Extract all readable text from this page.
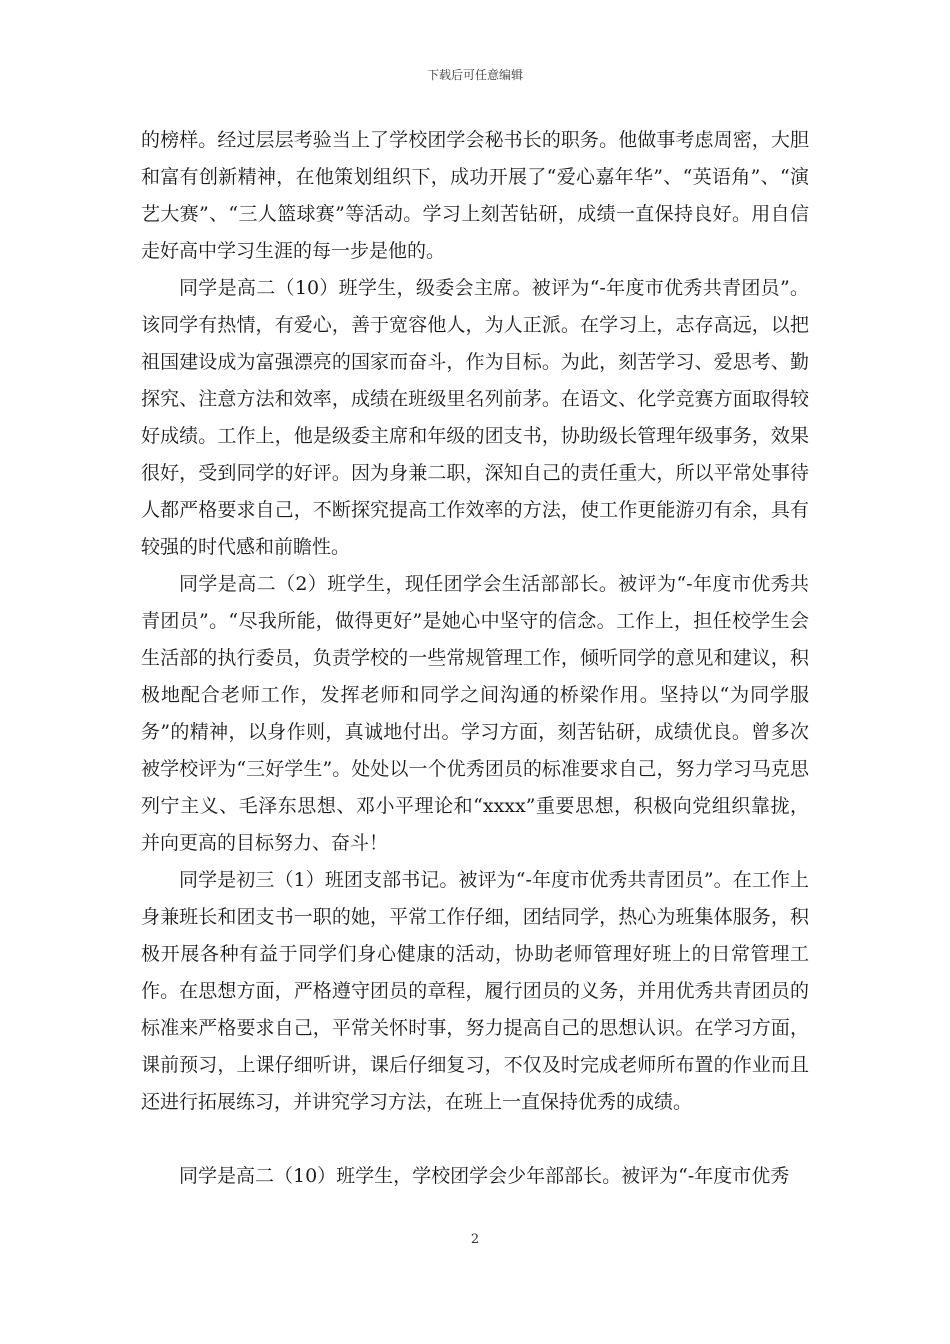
下载后可任意编辑

的榜样。经过层层考验当上了学校团学会秘书长的职务。他做事考虑周密，大胆和富有创新精神，在他策划组织下，成功开展了“爱心嘉年华”、“英语角”、“演艺大赛”、“三人篮球赛”等活动。学习上刻苦钻研，成绩一直保持良好。用自信走好高中学习生涯的每一步是他的。

同学是高二（10）班学生，级委会主席。被评为“-年度市优秀共青团员”。该同学有热情，有爱心，善于宽容他人，为人正派。在学习上，志存高远，以把祖国建设成为富强漂亮的国家而奋斗，作为目标。为此，刻苦学习、爱思考、勤探究、注意方法和效率，成绩在班级里名列前茅。在语文、化学竞赛方面取得较好成绩。工作上，他是级委主席和年级的团支书，协助级长管理年级事务，效果很好，受到同学的好评。因为身兼二职，深知自己的责任重大，所以平常处事待人都严格要求自己，不断探究提高工作效率的方法，使工作更能游刃有余，具有较强的时代感和前瞻性。

同学是高二（2）班学生，现任团学会生活部部长。被评为“-年度市优秀共青团员”。“尽我所能，做得更好”是她心中坚守的信念。工作上，担任校学生会生活部的执行委员，负责学校的一些常规管理工作，倾听同学的意见和建议，积极地配合老师工作，发挥老师和同学之间沟通的桥梁作用。坚持以“为同学服务”的精神，以身作则，真诚地付出。学习方面，刻苦钻研，成绩优良。曾多次被学校评为“三好学生”。处处以一个优秀团员的标准要求自己，努力学习马克思列宁主义、毛泽东思想、邓小平理论和“xxxx”重要思想，积极向党组织靠拢，并向更高的目标努力、奋斗！

同学是初三（1）班团支部书记。被评为“-年度市优秀共青团员”。在工作上身兼班长和团支书一职的她，平常工作仔细，团结同学，热心为班集体服务，积极开展各种有益于同学们身心健康的活动，协助老师管理好班上的日常管理工作。在思想方面，严格遵守团员的章程，履行团员的义务，并用优秀共青团员的标准来严格要求自己，平常关怀时事，努力提高自己的思想认识。在学习方面，课前预习，上课仔细听讲，课后仔细复习，不仅及时完成老师所布置的作业而且还进行拓展练习，并讲究学习方法，在班上一直保持优秀的成绩。

同学是高二（10）班学生，学校团学会少年部部长。被评为“-年度市优秀

2
